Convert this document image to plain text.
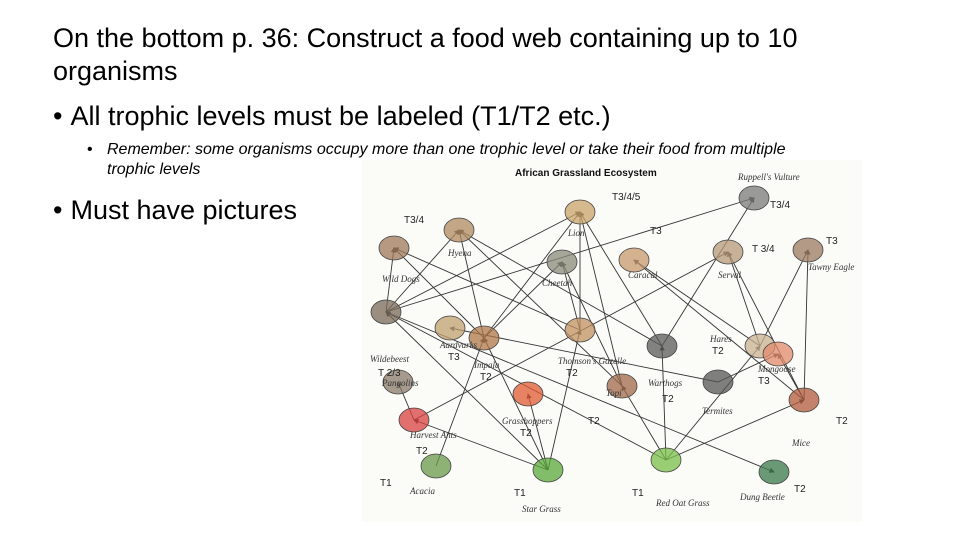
On the bottom p. 36: Construct a food web containing up to 10 organisms
• All trophic levels must be labeled (T1/T2 etc.)
• Remember: some organisms occupy more than one trophic level or take their food from multiple trophic levels
• Must have pictures
Lion
T3/4/5
Hyena
T3/4
Wild Dogs	Cheetah
T3
Caracal	Serval
T 3/4
Ruppell's Vulture
T3/4
Tawny Eagle
T3
Wildebeest
T 2/3
Pangolins
Aardvarks
T3
Impala
T2
Thomson's Gazelle
T2
Warthogs
T2
Hares
T2
Mongoose
T3
Termites
Mice
T2
Harvest Ants
T2
Grasshoppers
T2
Topi
T2
Acacia
T1
Star Grass
T1
Red Oat Grass
T1	Dung Beetle
T2
African Grassland Ecosystem
